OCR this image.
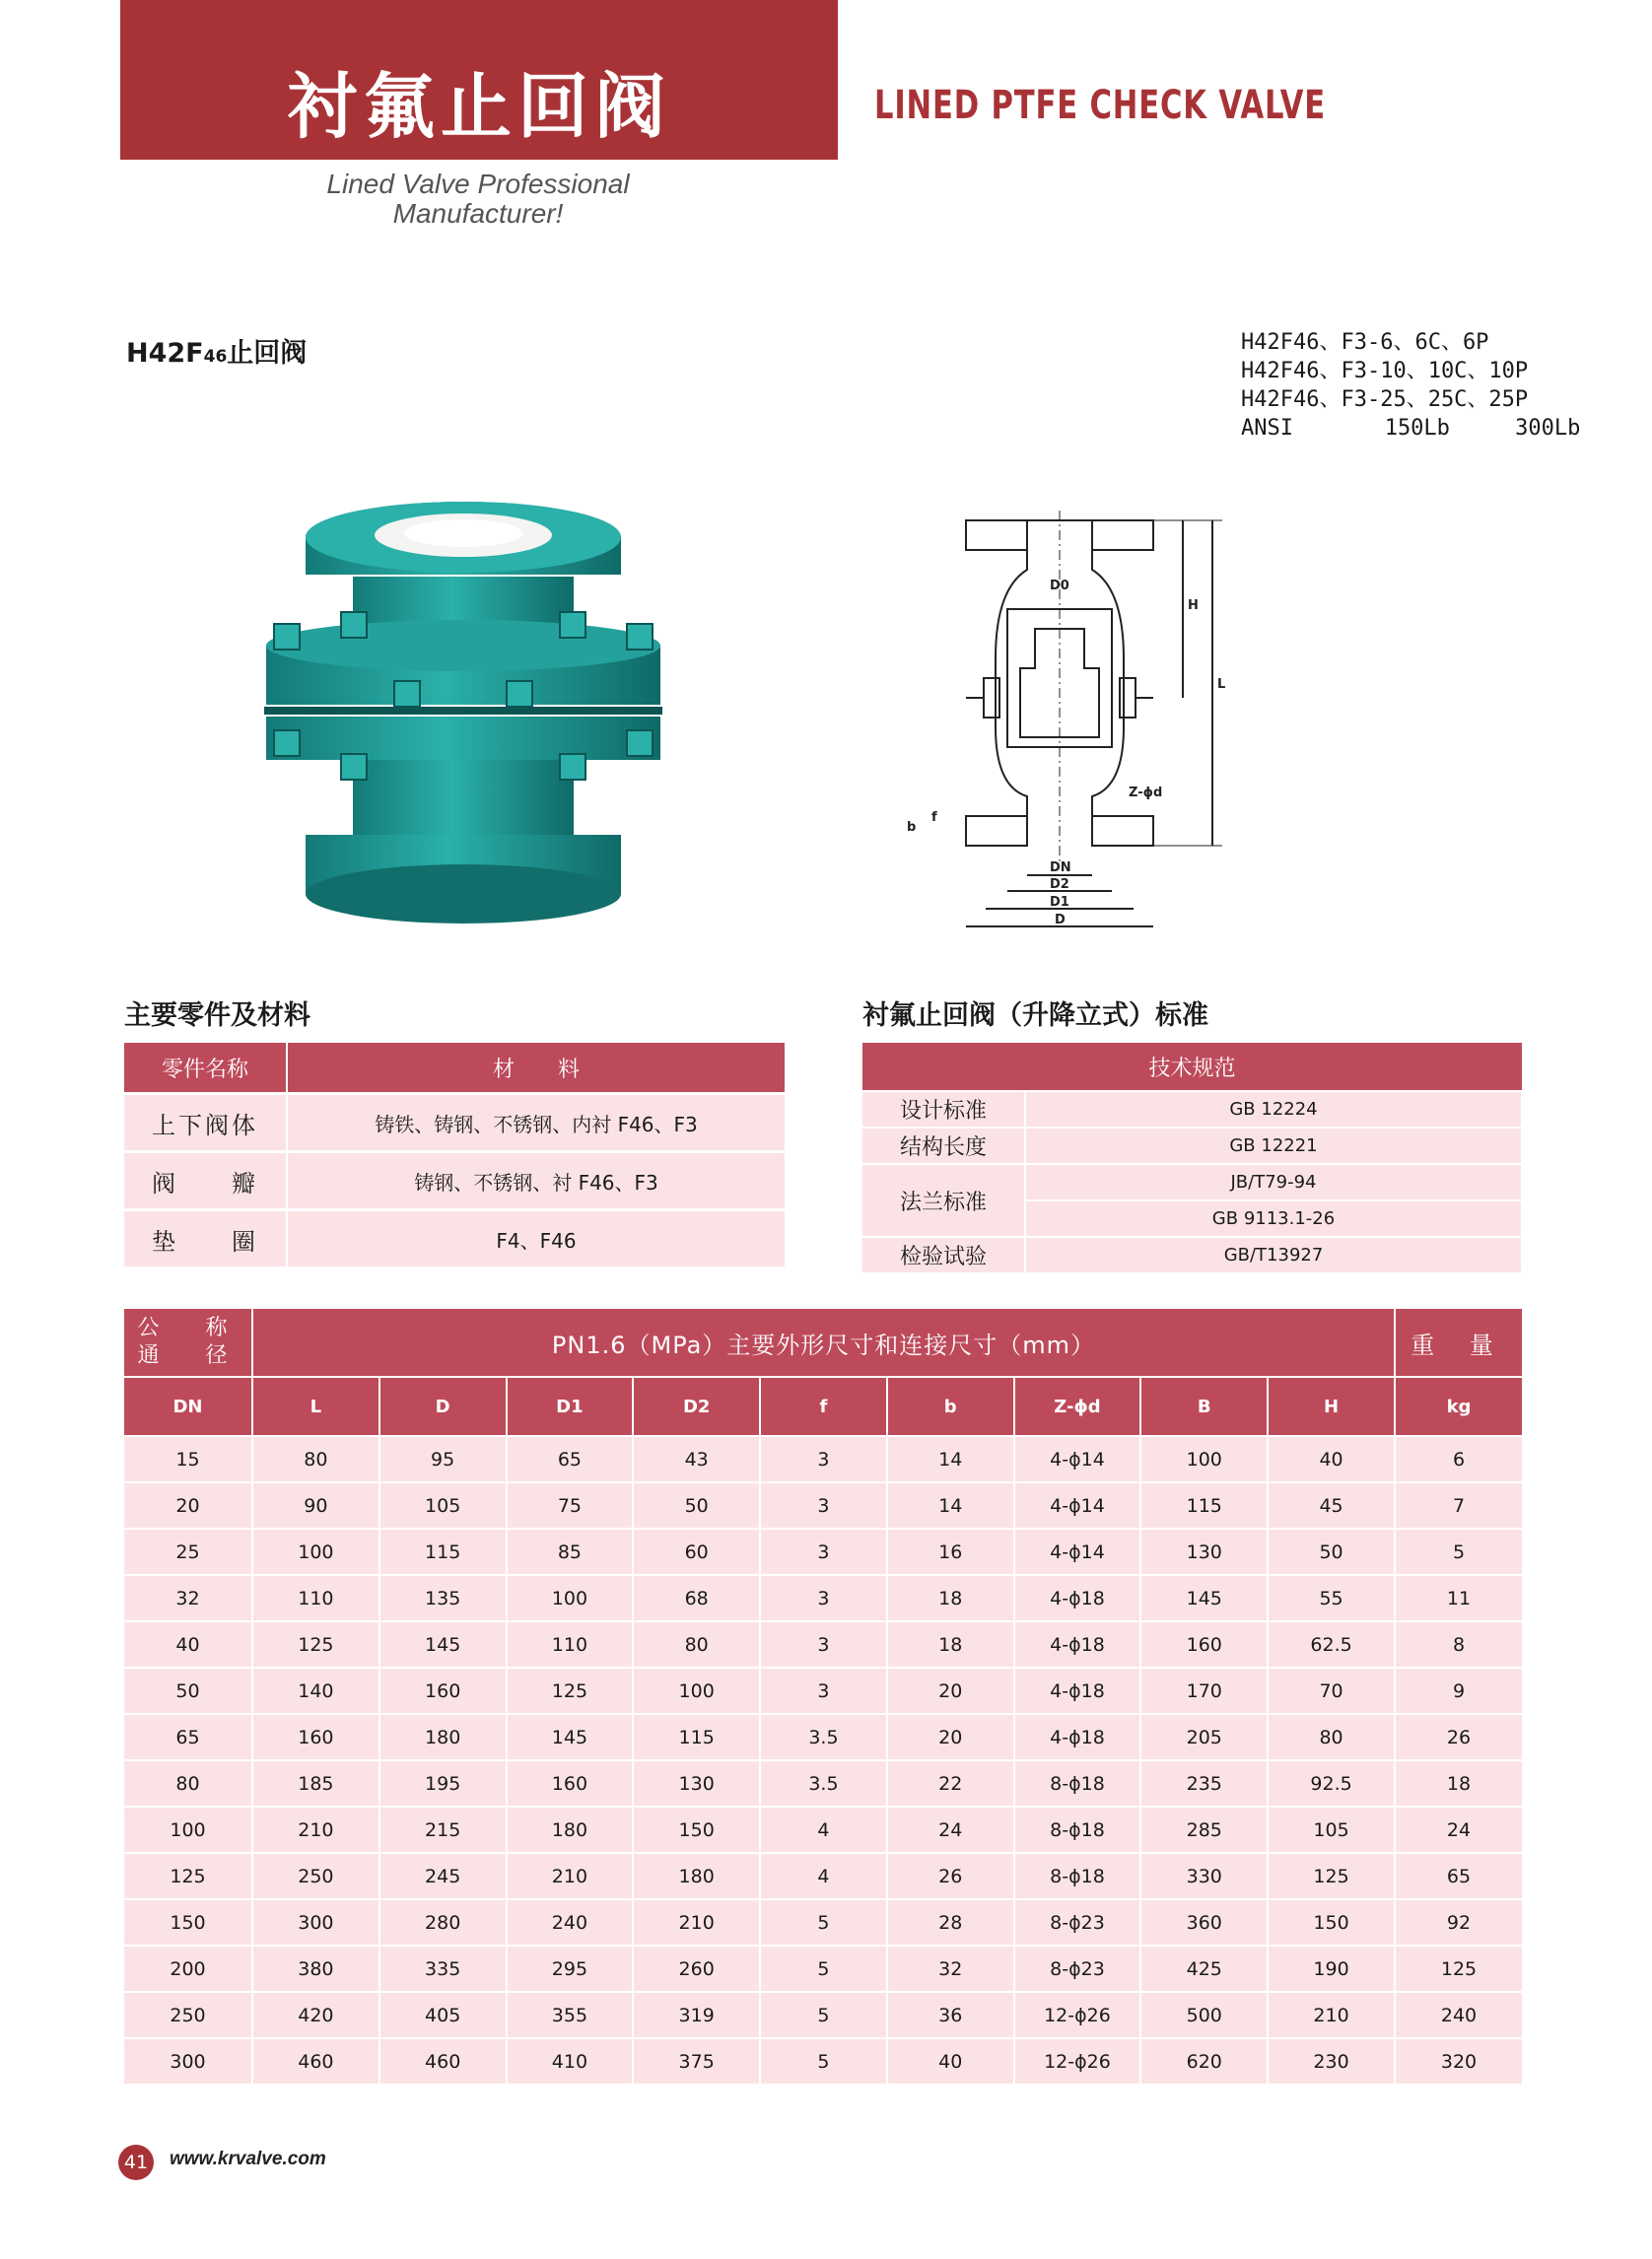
衬氟止回阀	LINED PTFE CHECK VALVE
Lined Valve Professional
Manufacturer!
H42F46止回阀	H42F46、F3-6、6C、6P
H42F46、F3-10、10C、10P
H42F46、F3-25、25C、25P
ANSI       150Lb     300Lb
D0
H
L
Z-ϕd
b
f
DN
D2
D1
D
主要零件及材料
零件名称	材　　料
上下阀体	铸铁、铸钢、不锈钢、内衬 F46、F3
阀　　瓣	铸钢、不锈钢、衬 F46、F3
垫　　圈	F4、F46
衬氟止回阀（升降立式）标准
技术规范	
设计标准	GB 12224
结构长度	GB 12221
法兰标准	JB/T79-94
	GB 9113.1-26
检验试验	GB/T13927
公 称
通 径	PN1.6（MPa）主要外形尺寸和连接尺寸（mm）									重 量
DN	L	D	D1	D2	f	b	Z-ϕd	B	H	kg
15	80	95	65	43	3	14	4-ϕ14	100	40	6
20	90	105	75	50	3	14	4-ϕ14	115	45	7
25	100	115	85	60	3	16	4-ϕ14	130	50	5
32	110	135	100	68	3	18	4-ϕ18	145	55	11
40	125	145	110	80	3	18	4-ϕ18	160	62.5	8
50	140	160	125	100	3	20	4-ϕ18	170	70	9
65	160	180	145	115	3.5	20	4-ϕ18	205	80	26
80	185	195	160	130	3.5	22	8-ϕ18	235	92.5	18
100	210	215	180	150	4	24	8-ϕ18	285	105	24
125	250	245	210	180	4	26	8-ϕ18	330	125	65
150	300	280	240	210	5	28	8-ϕ23	360	150	92
200	380	335	295	260	5	32	8-ϕ23	425	190	125
250	420	405	355	319	5	36	12-ϕ26	500	210	240
300	460	460	410	375	5	40	12-ϕ26	620	230	320
41	www.krvalve.com
